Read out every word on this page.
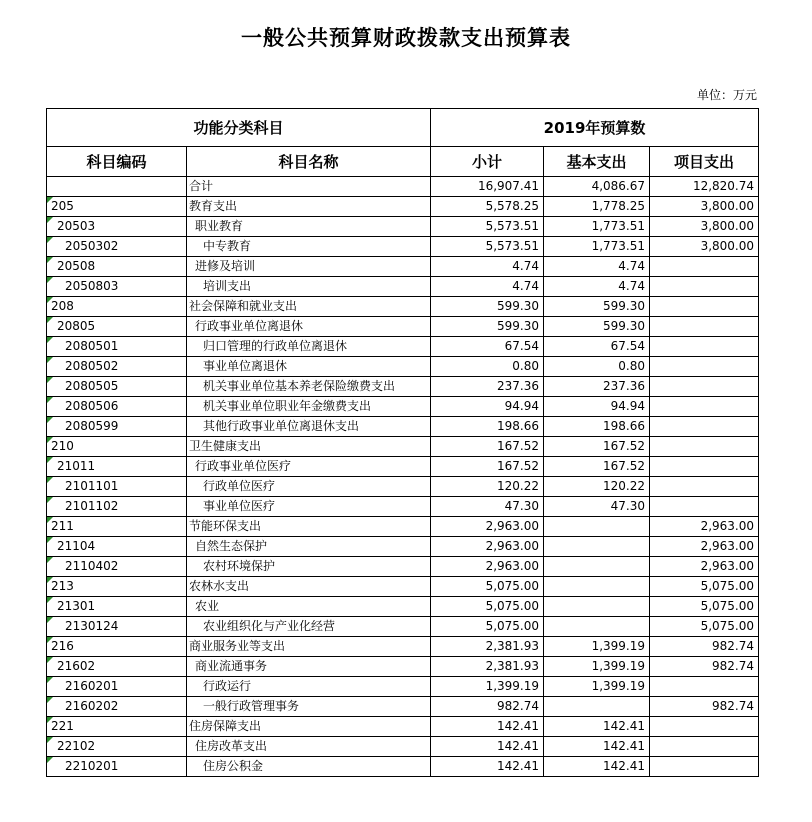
一般公共预算财政拨款支出预算表
单位：万元
功能分类科目		2019年预算数		
科目编码	科目名称	小计	基本支出	项目支出
	合计	16,907.41	4,086.67	12,820.74

205	教育支出	5,578.25	1,778.25	3,800.00

20503	职业教育	5,573.51	1,773.51	3,800.00

2050302	中专教育	5,573.51	1,773.51	3,800.00

20508	进修及培训	4.74	4.74	

2050803	培训支出	4.74	4.74	

208	社会保障和就业支出	599.30	599.30	

20805	行政事业单位离退休	599.30	599.30	

2080501	归口管理的行政单位离退休	67.54	67.54	

2080502	事业单位离退休	0.80	0.80	

2080505	机关事业单位基本养老保险缴费支出	237.36	237.36	

2080506	机关事业单位职业年金缴费支出	94.94	94.94	

2080599	其他行政事业单位离退休支出	198.66	198.66	

210	卫生健康支出	167.52	167.52	

21011	行政事业单位医疗	167.52	167.52	

2101101	行政单位医疗	120.22	120.22	

2101102	事业单位医疗	47.30	47.30	

211	节能环保支出	2,963.00		2,963.00

21104	自然生态保护	2,963.00		2,963.00

2110402	农村环境保护	2,963.00		2,963.00

213	农林水支出	5,075.00		5,075.00

21301	农业	5,075.00		5,075.00

2130124	农业组织化与产业化经营	5,075.00		5,075.00

216	商业服务业等支出	2,381.93	1,399.19	982.74

21602	商业流通事务	2,381.93	1,399.19	982.74

2160201	行政运行	1,399.19	1,399.19	

2160202	一般行政管理事务	982.74		982.74

221	住房保障支出	142.41	142.41	

22102	住房改革支出	142.41	142.41	

2210201	住房公积金	142.41	142.41	
